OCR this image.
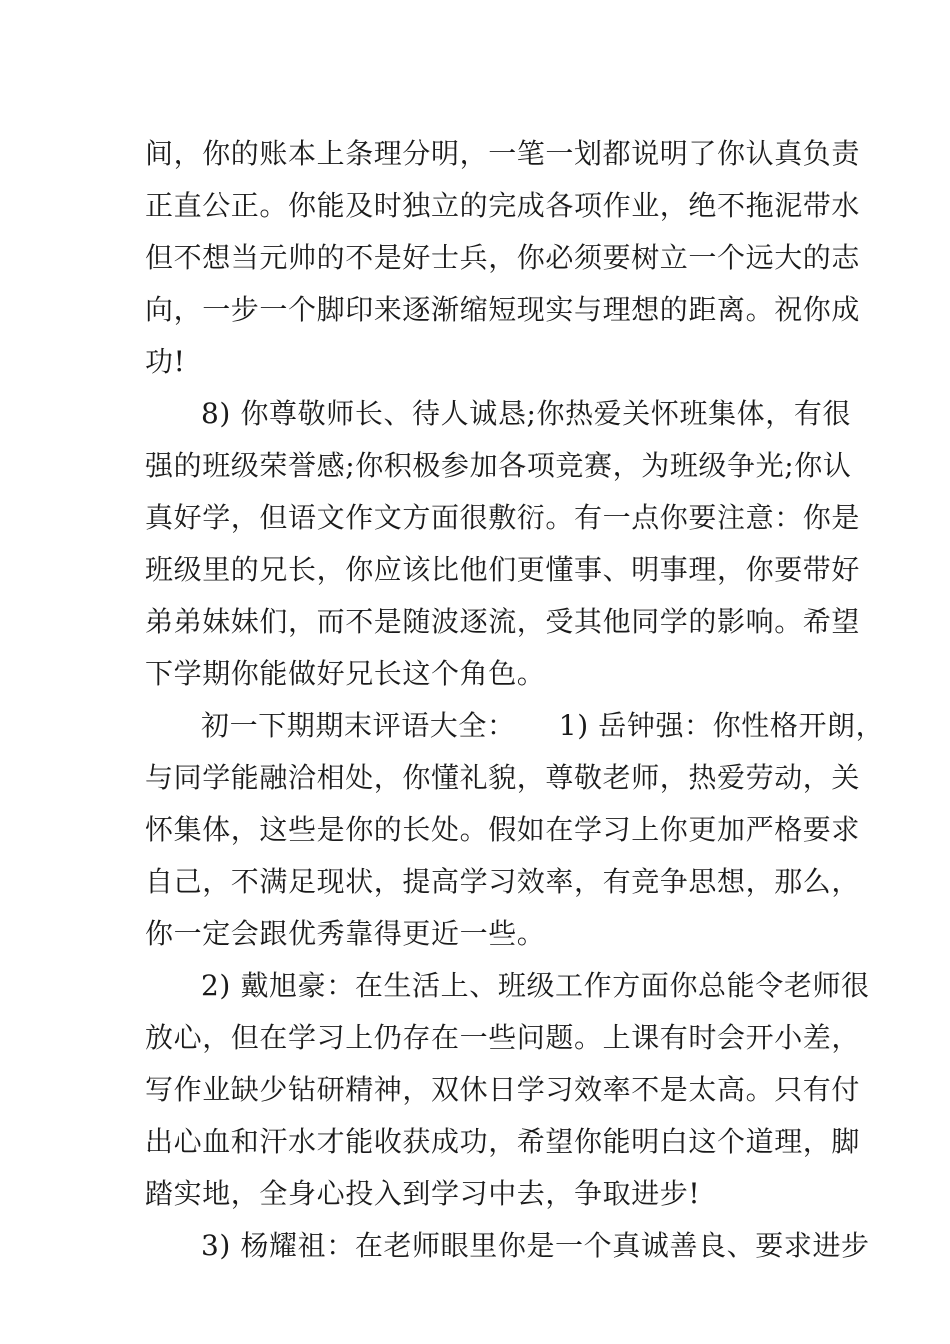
间，你的账本上条理分明，一笔一划都说明了你认真负责
正直公正。你能及时独立的完成各项作业，绝不拖泥带水
但不想当元帅的不是好士兵，你必须要树立一个远大的志
向，一步一个脚印来逐渐缩短现实与理想的距离。祝你成
功!
8) 你尊敬师长、待人诚恳;你热爱关怀班集体，有很
强的班级荣誉感;你积极参加各项竞赛，为班级争光;你认
真好学，但语文作文方面很敷衍。有一点你要注意：你是
班级里的兄长，你应该比他们更懂事、明事理，你要带好
弟弟妹妹们，而不是随波逐流，受其他同学的影响。希望
下学期你能做好兄长这个角色。
初一下期期末评语大全：　　1) 岳钟强：你性格开朗，
与同学能融洽相处，你懂礼貌，尊敬老师，热爱劳动，关
怀集体，这些是你的长处。假如在学习上你更加严格要求
自己，不满足现状，提高学习效率，有竞争思想，那么，
你一定会跟优秀靠得更近一些。
2) 戴旭豪：在生活上、班级工作方面你总能令老师很
放心，但在学习上仍存在一些问题。上课有时会开小差，
写作业缺少钻研精神，双休日学习效率不是太高。只有付
出心血和汗水才能收获成功，希望你能明白这个道理，脚
踏实地，全身心投入到学习中去，争取进步!
3) 杨耀祖：在老师眼里你是一个真诚善良、要求进步
